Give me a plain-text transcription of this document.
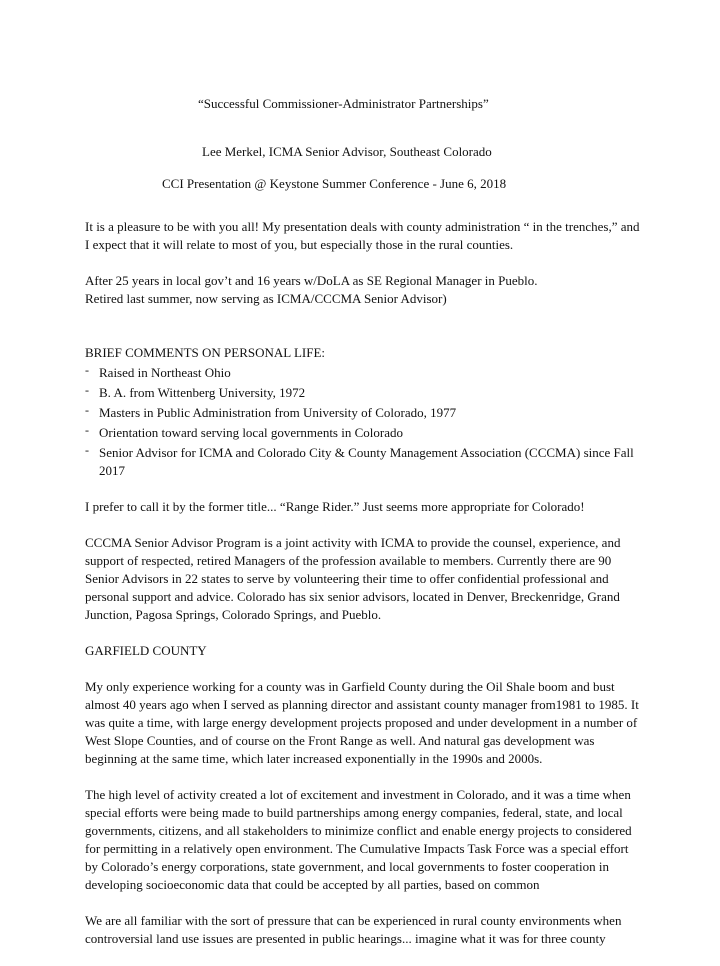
“Successful Commissioner-Administrator Partnerships”
Lee Merkel, ICMA Senior Advisor, Southeast Colorado
CCI Presentation @ Keystone Summer Conference - June 6, 2018

It is a pleasure to be with you all! My presentation deals with county administration “ in the trenches,” and I expect that it will relate to most of you, but especially those in the rural counties.

After 25 years in local gov’t and 16 years w/DoLA as SE Regional Manager in Pueblo.
Retired last summer, now serving as ICMA/CCCMA Senior Advisor)

BRIEF COMMENTS ON PERSONAL LIFE:

- Raised in Northeast Ohio
- B. A. from Wittenberg University, 1972
- Masters in Public Administration from University of Colorado, 1977
- Orientation toward serving local governments in Colorado
- Senior Advisor for ICMA and Colorado City & County Management Association (CCCMA) since Fall 2017

I prefer to call it by the former title... “Range Rider.” Just seems more appropriate for Colorado!

CCCMA Senior Advisor Program is a joint activity with ICMA to provide the counsel, experience, and support of respected, retired Managers of the profession available to members. Currently there are 90 Senior Advisors in 22 states to serve by volunteering their time to offer confidential professional and personal support and advice. Colorado has six senior advisors, located in Denver, Breckenridge, Grand Junction, Pagosa Springs, Colorado Springs, and Pueblo.

GARFIELD COUNTY

My only experience working for a county was in Garfield County during the Oil Shale boom and bust almost 40 years ago when I served as planning director and assistant county manager from1981 to 1985. It was quite a time, with large energy development projects proposed and under development in a number of West Slope Counties, and of course on the Front Range as well. And natural gas development was beginning at the same time, which later increased exponentially in the 1990s and 2000s.

The high level of activity created a lot of excitement and investment in Colorado, and it was a time when special efforts were being made to build partnerships among energy companies, federal, state, and local governments, citizens, and all stakeholders to minimize conflict and enable energy projects to considered for permitting in a relatively open environment. The Cumulative Impacts Task Force was a special effort by Colorado’s energy corporations, state government, and local governments to foster cooperation in developing socioeconomic data that could be accepted by all parties, based on common

We are all familiar with the sort of pressure that can be experienced in rural county environments when controversial land use issues are presented in public hearings... imagine what it was for three county
